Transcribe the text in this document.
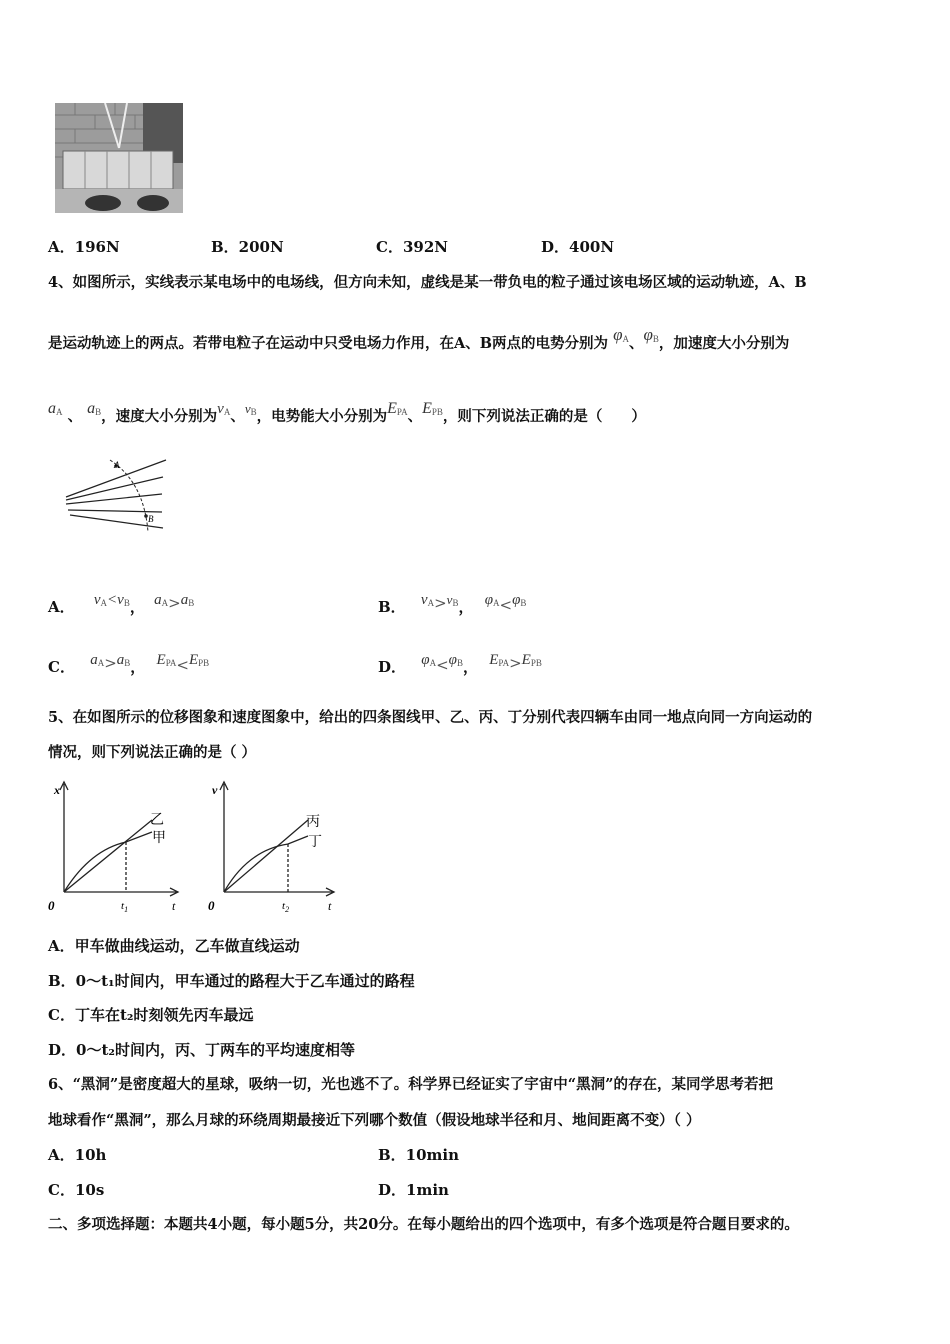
A．196N	B．200N	C．392N	D．400N
4、如图所示，实线表示某电场中的电场线，但方向未知，虚线是某一带负电的粒子通过该电场区域的运动轨迹，A、B
是运动轨迹上的两点。若带电粒子在运动中只受电场力作用，在A、B两点的电势分别为 $\varphi_A$、$\varphi_B$，加速度大小分别为
$a_A$ 、 $a_B$，速度大小分别为$v_A$、$v_B$，电势能大小分别为$E_{PA}$、$E_{PB}$，则下列说法正确的是（　　）
A
B
A． $v_A<v_B$， $a_A>a_B$	B． $v_A>v_B$， $\varphi_A<\varphi_B$
C． $a_A>a_B$， $E_{PA}<E_{PB}$	D． $\varphi_A<\varphi_B$， $E_{PA}>E_{PB}$
5、在如图所示的位移图象和速度图象中，给出的四条图线甲、乙、丙、丁分别代表四辆车由同一地点向同一方向运动的
情况，则下列说法正确的是（ ）
x
t
0	$t_1$
乙
甲
v
t
0	$t_2$
丙
丁
A．甲车做曲线运动，乙车做直线运动
B．0～t₁时间内，甲车通过的路程大于乙车通过的路程
C．丁车在t₂时刻领先丙车最远
D．0～t₂时间内，丙、丁两车的平均速度相等
6、“黑洞”是密度超大的星球，吸纳一切，光也逃不了。科学界已经证实了宇宙中“黑洞”的存在，某同学思考若把
地球看作“黑洞”，那么月球的环绕周期最接近下列哪个数值（假设地球半径和月、地间距离不变）（ ）
A．10h	B．10min
C．10s	D．1min
二、多项选择题：本题共4小题，每小题5分，共20分。在每小题给出的四个选项中，有多个选项是符合题目要求的。
